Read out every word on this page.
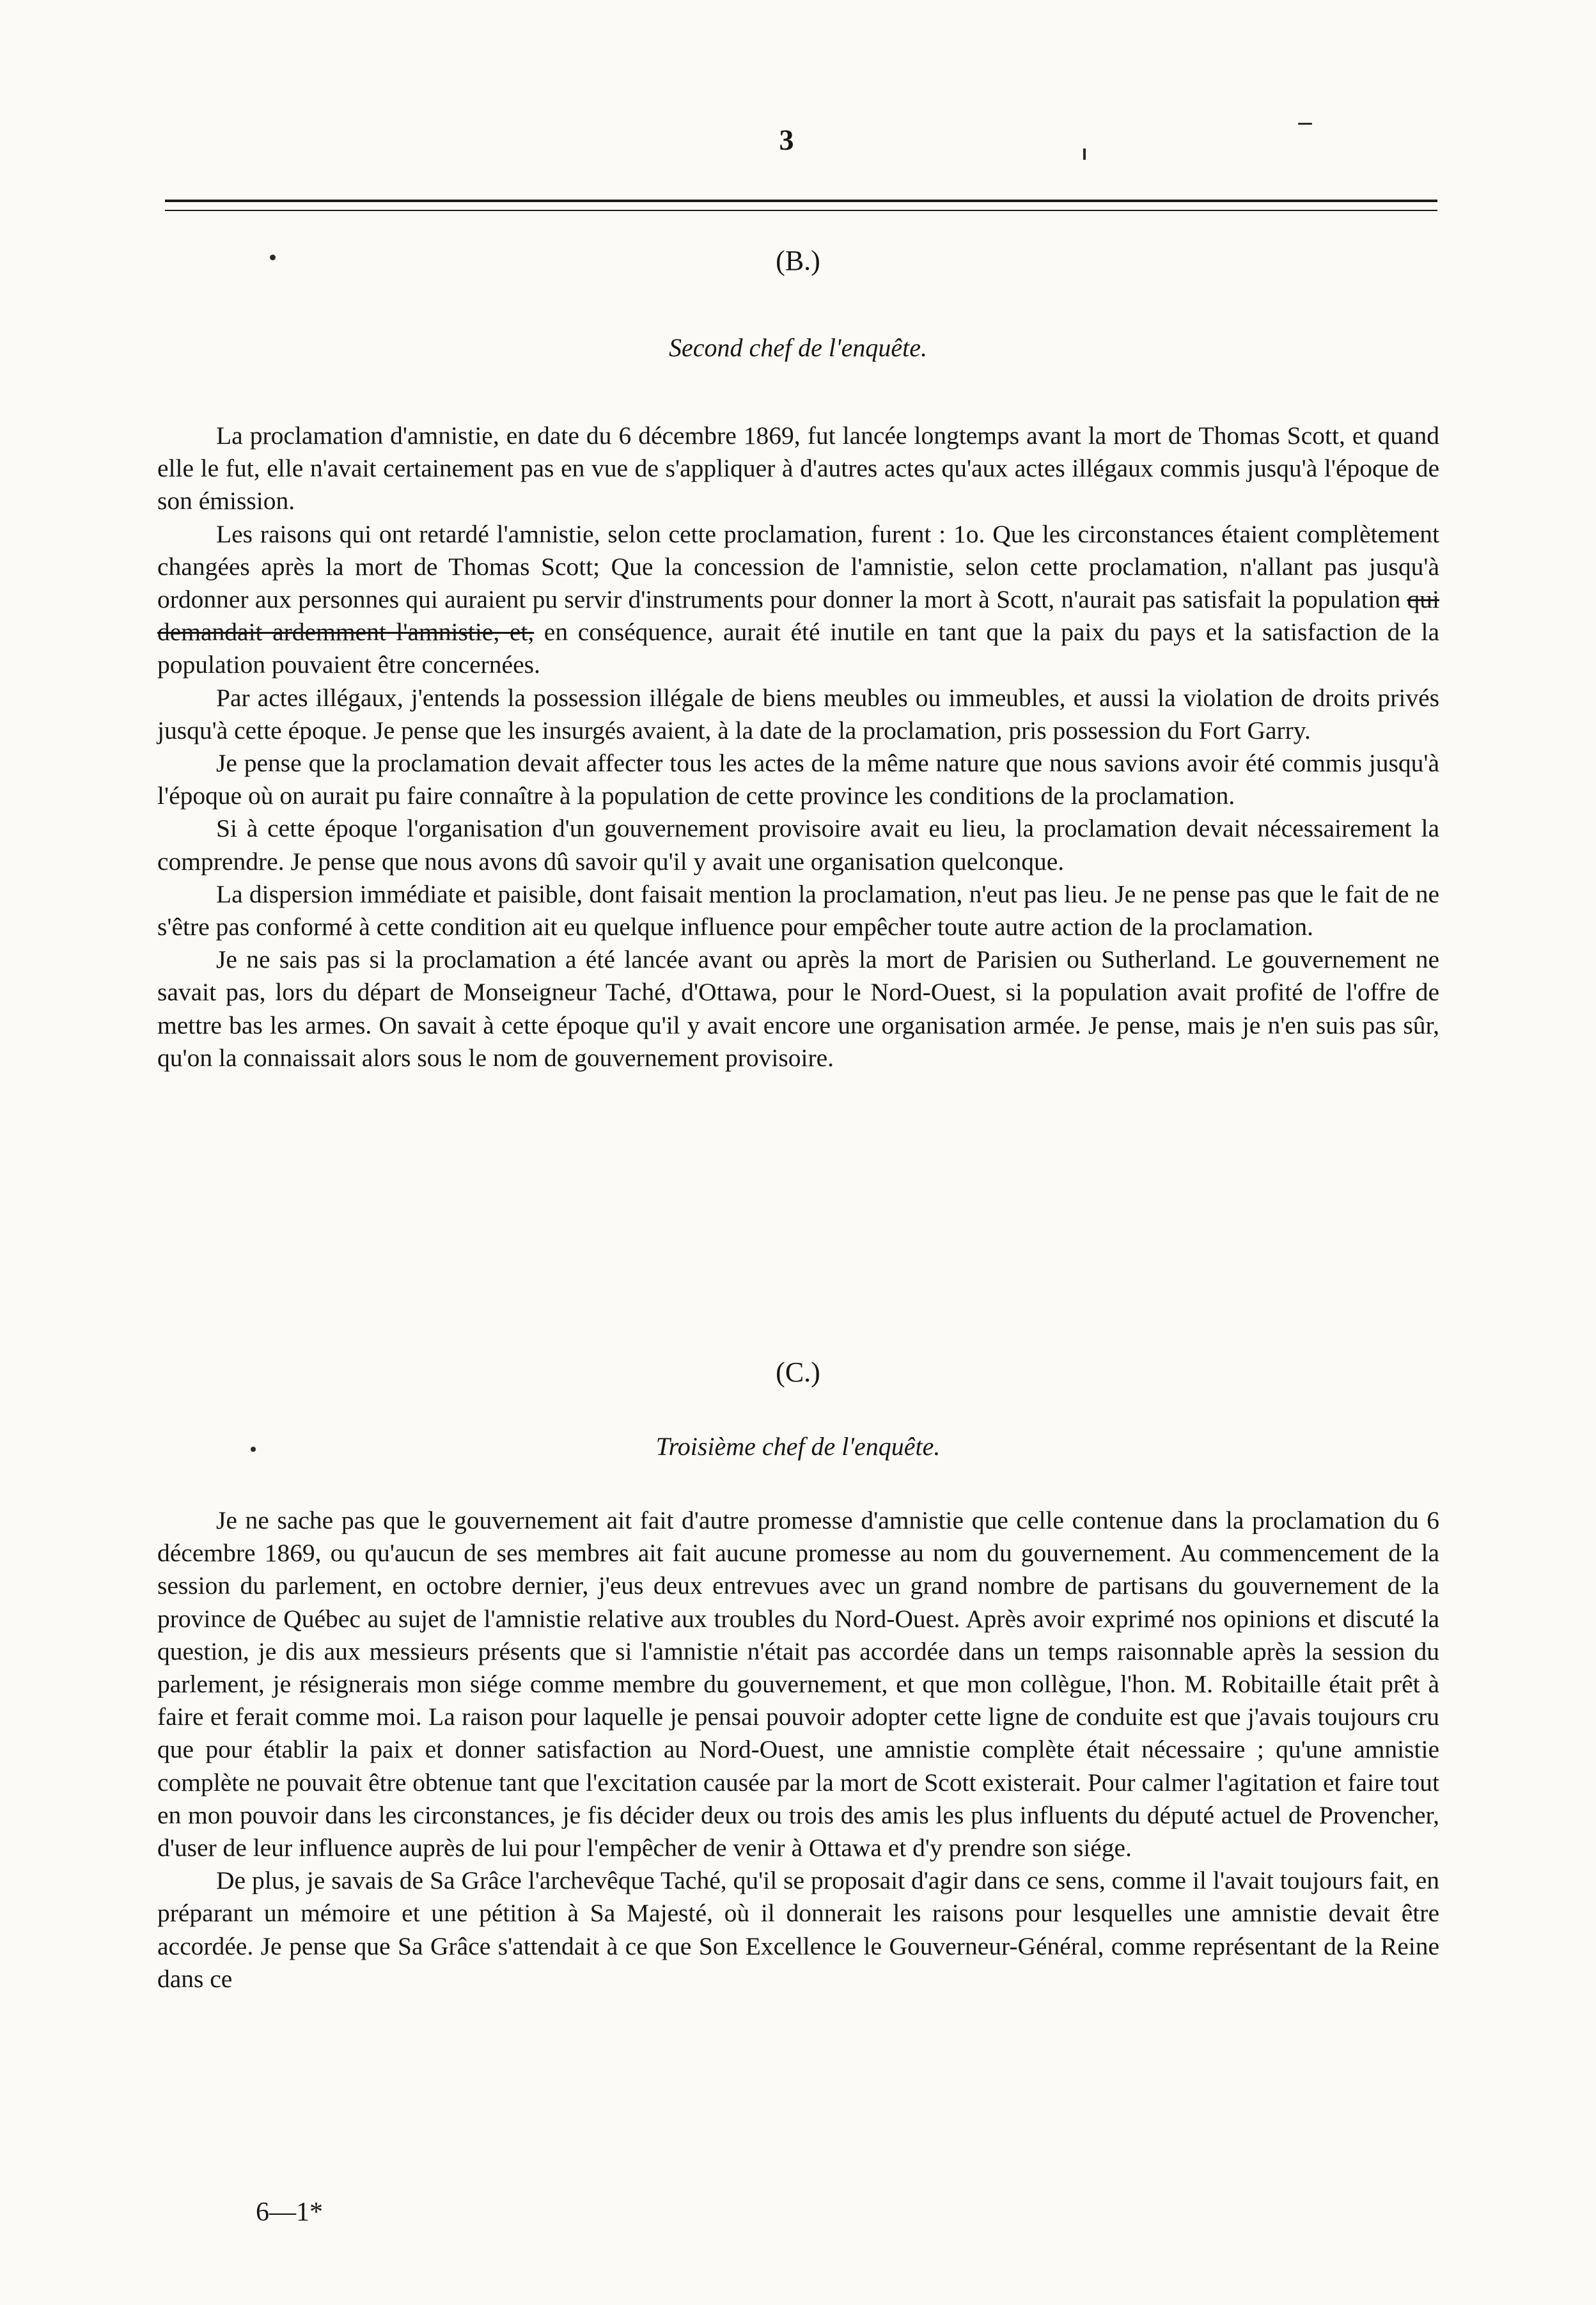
3
(B.)
Second chef de l'enquête.

La proclamation d'amnistie, en date du 6 décembre 1869, fut lancée longtemps avant la mort de Thomas Scott, et quand elle le fut, elle n'avait certainement pas en vue de s'appliquer à d'autres actes qu'aux actes illégaux commis jusqu'à l'époque de son émission.

Les raisons qui ont retardé l'amnistie, selon cette proclamation, furent : 1o. Que les circonstances étaient complètement changées après la mort de Thomas Scott; Que la concession de l'amnistie, selon cette proclamation, n'allant pas jusqu'à ordonner aux personnes qui auraient pu servir d'instruments pour donner la mort à Scott, n'aurait pas satisfait la population qui demandait ardemment l'amnistie, et, en conséquence, aurait été inutile en tant que la paix du pays et la satisfaction de la population pouvaient être concernées.

Par actes illégaux, j'entends la possession illégale de biens meubles ou immeubles, et aussi la violation de droits privés jusqu'à cette époque. Je pense que les insurgés avaient, à la date de la proclamation, pris possession du Fort Garry.

Je pense que la proclamation devait affecter tous les actes de la même nature que nous savions avoir été commis jusqu'à l'époque où on aurait pu faire connaître à la population de cette province les conditions de la proclamation.

Si à cette époque l'organisation d'un gouvernement provisoire avait eu lieu, la proclamation devait nécessairement la comprendre. Je pense que nous avons dû savoir qu'il y avait une organisation quelconque.

La dispersion immédiate et paisible, dont faisait mention la proclamation, n'eut pas lieu. Je ne pense pas que le fait de ne s'être pas conformé à cette condition ait eu quelque influence pour empêcher toute autre action de la proclamation.

Je ne sais pas si la proclamation a été lancée avant ou après la mort de Parisien ou Sutherland. Le gouvernement ne savait pas, lors du départ de Monseigneur Taché, d'Ottawa, pour le Nord-Ouest, si la population avait profité de l'offre de mettre bas les armes. On savait à cette époque qu'il y avait encore une organisation armée. Je pense, mais je n'en suis pas sûr, qu'on la connaissait alors sous le nom de gouvernement provisoire.

(C.)
Troisième chef de l'enquête.

Je ne sache pas que le gouvernement ait fait d'autre promesse d'amnistie que celle contenue dans la proclamation du 6 décembre 1869, ou qu'aucun de ses membres ait fait aucune promesse au nom du gouvernement. Au commencement de la session du parlement, en octobre dernier, j'eus deux entrevues avec un grand nombre de partisans du gouvernement de la province de Québec au sujet de l'amnistie relative aux troubles du Nord-Ouest. Après avoir exprimé nos opinions et discuté la question, je dis aux messieurs présents que si l'amnistie n'était pas accordée dans un temps raisonnable après la session du parlement, je résignerais mon siége comme membre du gouvernement, et que mon collègue, l'hon. M. Robitaille était prêt à faire et ferait comme moi. La raison pour laquelle je pensai pouvoir adopter cette ligne de conduite est que j'avais toujours cru que pour établir la paix et donner satisfaction au Nord-Ouest, une amnistie complète était nécessaire ; qu'une amnistie complète ne pouvait être obtenue tant que l'excitation causée par la mort de Scott existerait. Pour calmer l'agitation et faire tout en mon pouvoir dans les circonstances, je fis décider deux ou trois des amis les plus influents du député actuel de Provencher, d'user de leur influence auprès de lui pour l'empêcher de venir à Ottawa et d'y prendre son siége.

De plus, je savais de Sa Grâce l'archevêque Taché, qu'il se proposait d'agir dans ce sens, comme il l'avait toujours fait, en préparant un mémoire et une pétition à Sa Majesté, où il donnerait les raisons pour lesquelles une amnistie devait être accordée. Je pense que Sa Grâce s'attendait à ce que Son Excellence le Gouverneur-Général, comme représentant de la Reine dans ce

6—1*
